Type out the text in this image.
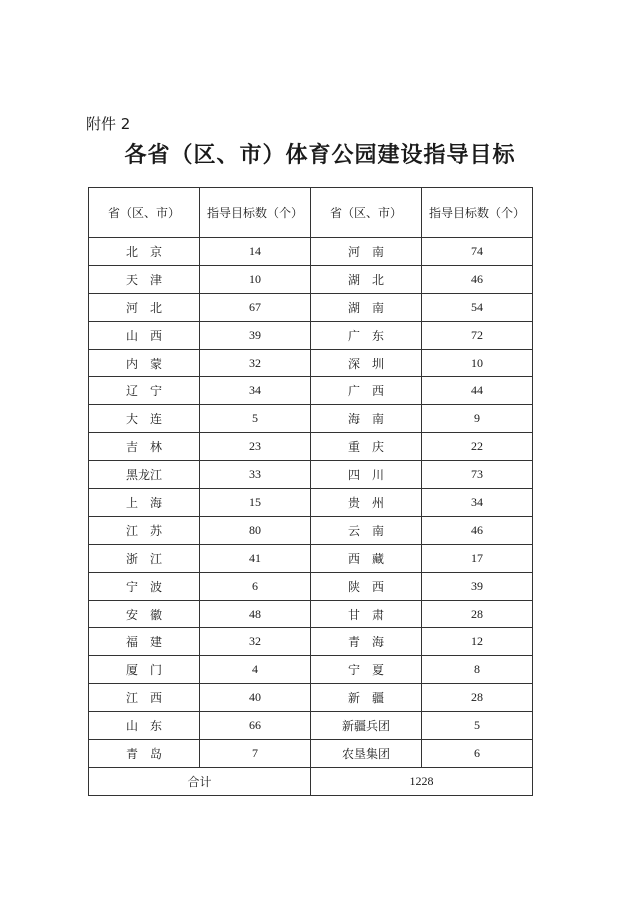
附件 2
各省（区、市）体育公园建设指导目标
省（区、市）	指导目标数（个）	省（区、市）	指导目标数（个）
北　京	14	河　南	74
天　津	10	湖　北	46
河　北	67	湖　南	54
山　西	39	广　东	72
内　蒙	32	深　圳	10
辽　宁	34	广　西	44
大　连	5	海　南	9
吉　林	23	重　庆	22
黑龙江	33	四　川	73
上　海	15	贵　州	34
江　苏	80	云　南	46
浙　江	41	西　藏	17
宁　波	6	陕　西	39
安　徽	48	甘　肃	28
福　建	32	青　海	12
厦　门	4	宁　夏	8
江　西	40	新　疆	28
山　东	66	新疆兵团	5
青　岛	7	农垦集团	6
合计		1228	
